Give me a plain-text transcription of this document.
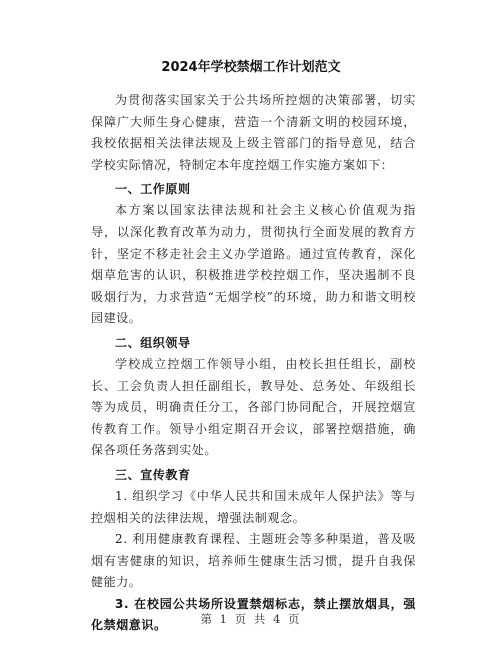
2024年学校禁烟工作计划范文

为贯彻落实国家关于公共场所控烟的决策部署，切实保障广大师生身心健康，营造一个清新文明的校园环境，我校依据相关法律法规及上级主管部门的指导意见，结合学校实际情况，特制定本年度控烟工作实施方案如下：

一、工作原则

本方案以国家法律法规和社会主义核心价值观为指导，以深化教育改革为动力，贯彻执行全面发展的教育方针，坚定不移走社会主义办学道路。通过宣传教育，深化烟草危害的认识，积极推进学校控烟工作，坚决遏制不良吸烟行为，力求营造“无烟学校”的环境，助力和谐文明校园建设。

二、组织领导

学校成立控烟工作领导小组，由校长担任组长，副校长、工会负责人担任副组长，教导处、总务处、年级组长等为成员，明确责任分工，各部门协同配合，开展控烟宣传教育工作。领导小组定期召开会议，部署控烟措施，确保各项任务落到实处。

三、宣传教育

1. 组织学习《中华人民共和国未成年人保护法》等与控烟相关的法律法规，增强法制观念。

2. 利用健康教育课程、主题班会等多种渠道，普及吸烟有害健康的知识，培养师生健康生活习惯，提升自我保健能力。

3. 在校园公共场所设置禁烟标志，禁止摆放烟具，强化禁烟意识。	第 1 页 共 4 页
